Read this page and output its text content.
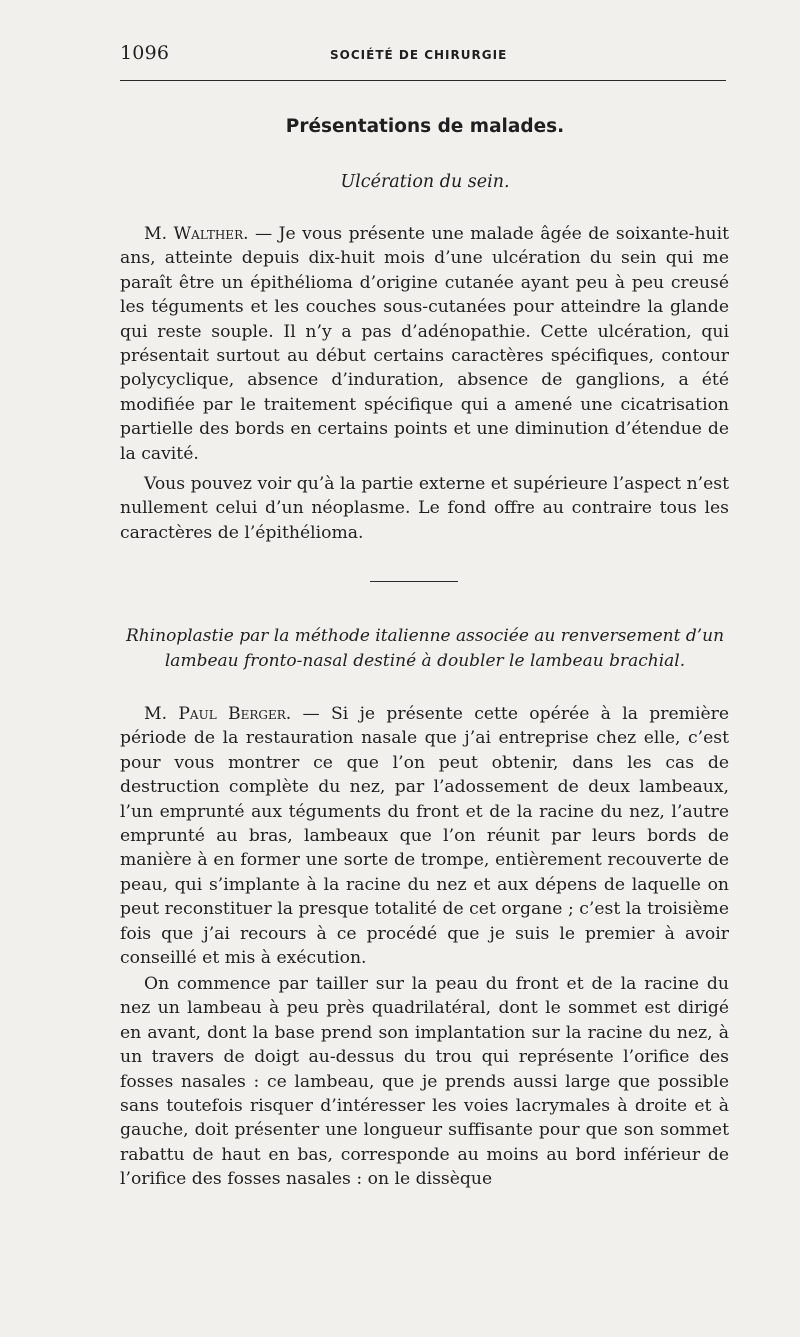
1096	SOCIÉTÉ DE CHIRURGIE
Présentations de malades.
Ulcération du sein.

M. Walther. — Je vous présente une malade âgée de soixante-huit ans, atteinte depuis dix-huit mois d’une ulcération du sein qui me paraît être un épithélioma d’origine cutanée ayant peu à peu creusé les téguments et les couches sous-cutanées pour atteindre la glande qui reste souple. Il n’y a pas d’adénopathie. Cette ulcération, qui présentait surtout au début certains caractères spécifiques, contour polycyclique, absence d’induration, absence de ganglions, a été modifiée par le traitement spécifique qui a amené une cicatrisation partielle des bords en certains points et une diminution d’étendue de la cavité.

Vous pouvez voir qu’à la partie externe et supérieure l’aspect n’est nullement celui d’un néoplasme. Le fond offre au contraire tous les caractères de l’épithélioma.

Rhinoplastie par la méthode italienne associée au renversement d’un
lambeau fronto-nasal destiné à doubler le lambeau brachial.

M. Paul Berger. — Si je présente cette opérée à la première période de la restauration nasale que j’ai entreprise chez elle, c’est pour vous montrer ce que l’on peut obtenir, dans les cas de destruction complète du nez, par l’adossement de deux lambeaux, l’un emprunté aux téguments du front et de la racine du nez, l’autre emprunté au bras, lambeaux que l’on réunit par leurs bords de manière à en former une sorte de trompe, entièrement recouverte de peau, qui s’implante à la racine du nez et aux dépens de laquelle on peut reconstituer la presque totalité de cet organe ; c’est la troisième fois que j’ai recours à ce procédé que je suis le premier à avoir conseillé et mis à exécution.

On commence par tailler sur la peau du front et de la racine du nez un lambeau à peu près quadrilatéral, dont le sommet est dirigé en avant, dont la base prend son implantation sur la racine du nez, à un travers de doigt au-dessus du trou qui représente l’orifice des fosses nasales : ce lambeau, que je prends aussi large que possible sans toutefois risquer d’intéresser les voies lacrymales à droite et à gauche, doit présenter une longueur suffisante pour que son sommet rabattu de haut en bas, corresponde au moins au bord inférieur de l’orifice des fosses nasales : on le dissèque
